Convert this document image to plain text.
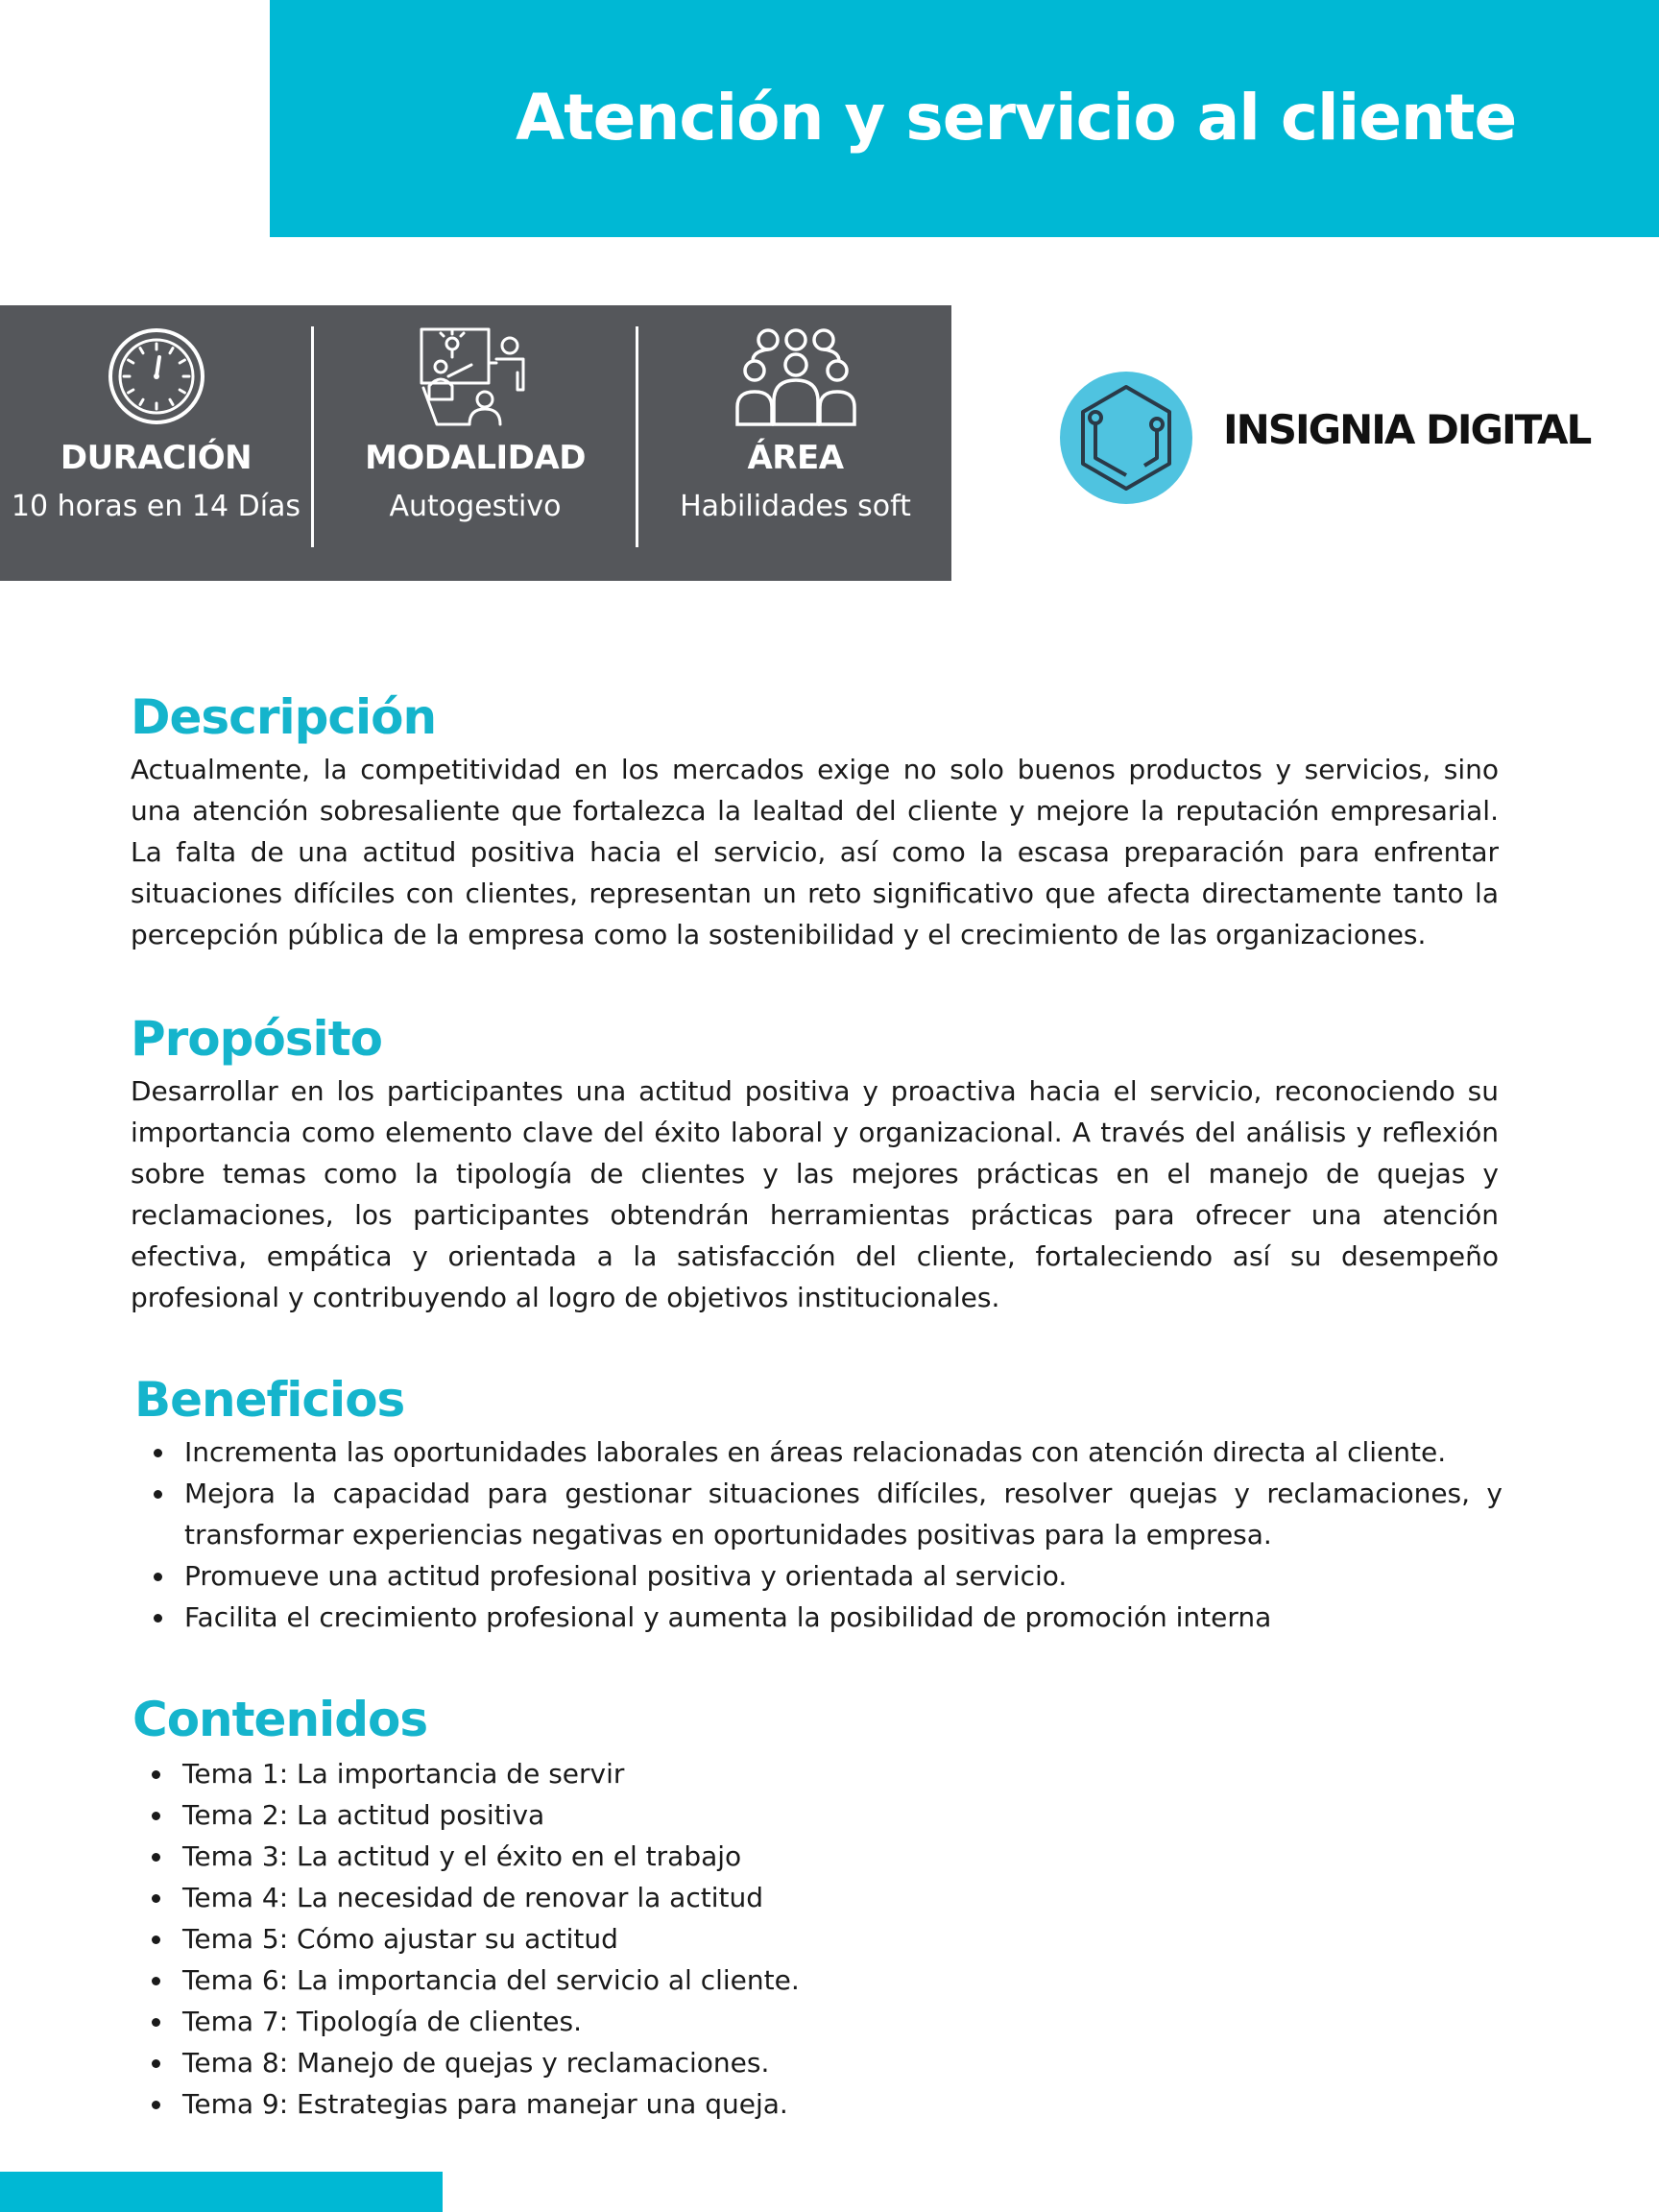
Atención y servicio al cliente
DURACIÓN
10 horas en 14 Días
MODALIDAD
Autogestivo
ÁREA
Habilidades soft
INSIGNIA DIGITAL
Descripción

Actualmente, la competitividad en los mercados exige no solo buenos productos y servicios, sino una atención sobresaliente que fortalezca la lealtad del cliente y mejore la reputación empresarial. La falta de una actitud positiva hacia el servicio, así como la escasa preparación para enfrentar situaciones difíciles con clientes, representan un reto significativo que afecta directamente tanto la percepción pública de la empresa como la sostenibilidad y el crecimiento de las organizaciones.

Propósito

Desarrollar en los participantes una actitud positiva y proactiva hacia el servicio, reconociendo su importancia como elemento clave del éxito laboral y organizacional. A través del análisis y reflexión sobre temas como la tipología de clientes y las mejores prácticas en el manejo de quejas y reclamaciones, los participantes obtendrán herramientas prácticas para ofrecer una atención efectiva, empática y orientada a la satisfacción del cliente, fortaleciendo así su desempeño profesional y contribuyendo al logro de objetivos institucionales.

Beneficios
Incrementa las oportunidades laborales en áreas relacionadas con atención directa al cliente.
Mejora la capacidad para gestionar situaciones difíciles, resolver quejas y reclamaciones, y transformar experiencias negativas en oportunidades positivas para la empresa.
Promueve una actitud profesional positiva y orientada al servicio.
Facilita el crecimiento profesional y aumenta la posibilidad de promoción interna
Contenidos
Tema 1: La importancia de servir
Tema 2: La actitud positiva
Tema 3: La actitud y el éxito en el trabajo
Tema 4: La necesidad de renovar la actitud
Tema 5: Cómo ajustar su actitud
Tema 6: La importancia del servicio al cliente.
Tema 7: Tipología de clientes.
Tema 8: Manejo de quejas y reclamaciones.
Tema 9: Estrategias para manejar una queja.
